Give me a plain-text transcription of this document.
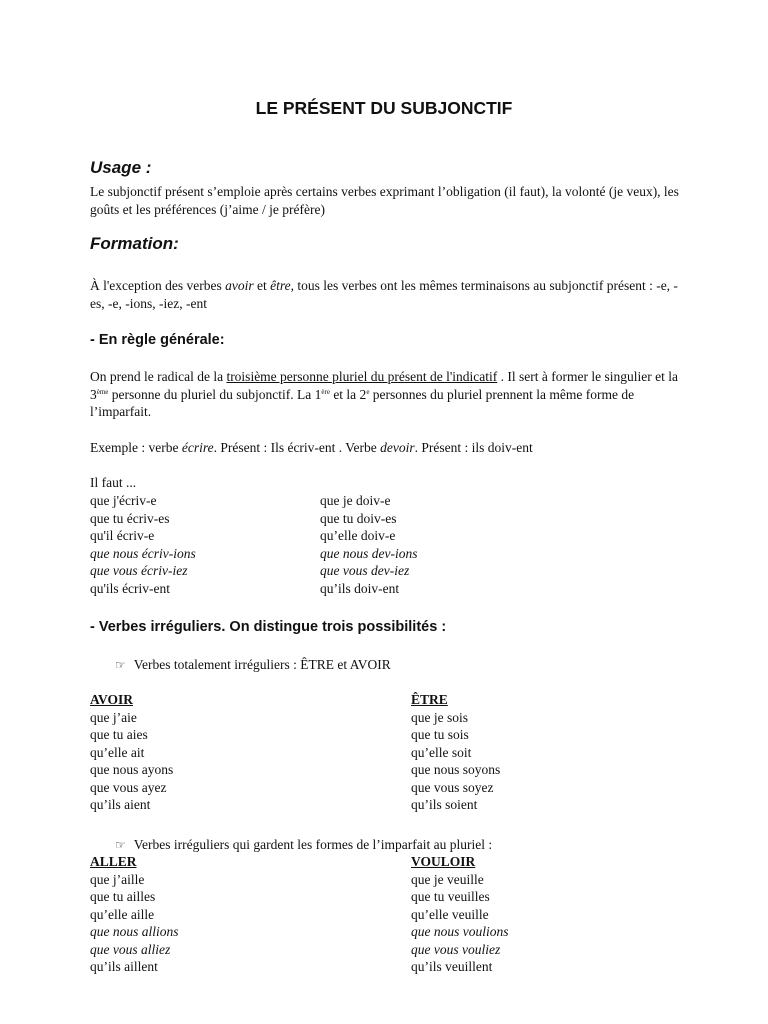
LE PRÉSENT DU SUBJONCTIF
Usage :
Le subjonctif présent s’emploie après certains verbes exprimant l’obligation (il faut), la volonté (je veux), les goûts et les préférences (j’aime / je préfère)
Formation:
À l'exception des verbes avoir et être, tous les verbes ont les mêmes terminaisons au subjonctif présent : -e, -es, -e, -ions, -iez, -ent
- En règle générale:
On prend le radical de la troisième personne pluriel du présent de l'indicatif . Il sert à former le singulier et la 3ème personne du pluriel du subjonctif. La 1ère et la 2e personnes du pluriel prennent la même forme de l’imparfait.
Exemple : verbe écrire. Présent : Ils écriv-ent . Verbe devoir. Présent : ils doiv-ent
Il faut ...
que j'écriv-e
que tu écriv-es
qu'il écriv-e
que nous écriv-ions
que vous écriv-iez
qu'ils écriv-ent
que je doiv-e
que tu doiv-es
qu’elle doiv-e
que nous dev-ions
que vous dev-iez
qu’ils doiv-ent
- Verbes irréguliers. On distingue trois possibilités :
☞ Verbes totalement irréguliers : ÊTRE et AVOIR
AVOIR
que j’aie
que tu aies
qu’elle ait
que nous ayons
que vous ayez
qu’ils aient
ÊTRE
que je sois
que tu sois
qu’elle soit
que nous soyons
que vous soyez
qu’ils soient
☞ Verbes irréguliers qui gardent les formes de l’imparfait au pluriel :
ALLER
que j’aille
que tu ailles
qu’elle aille
que nous allions
que vous alliez
qu’ils aillent
VOULOIR
que je veuille
que tu veuilles
qu’elle veuille
que nous voulions
que vous vouliez
qu’ils veuillent
